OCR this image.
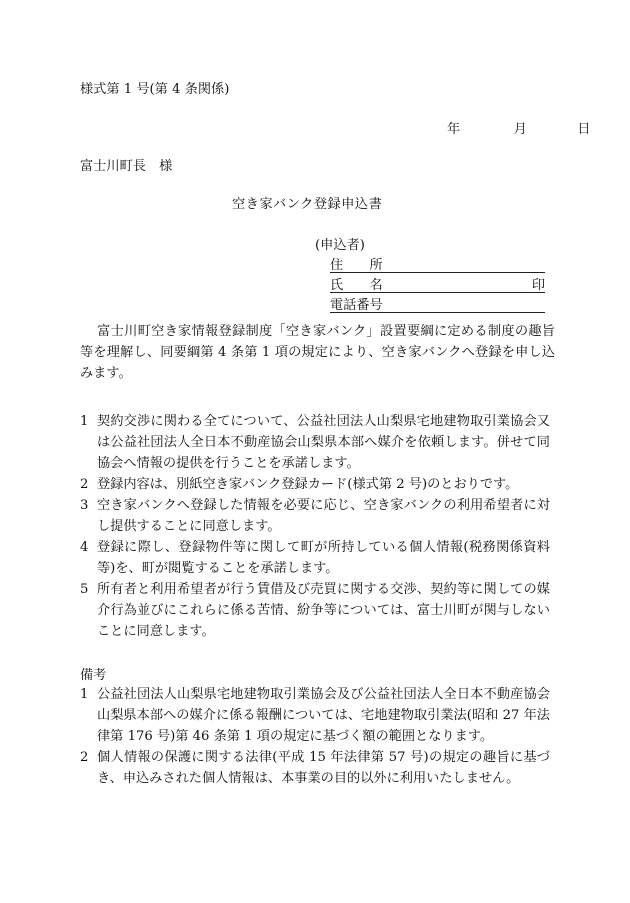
様式第 1 号(第 4 条関係)
年	月	日
富士川町長　様
空き家バンク登録申込書
(申込者)
住　　所
氏　　名	印
電話番号
富士川町空き家情報登録制度「空き家バンク」設置要綱に定める制度の趣旨等を理解し、同要綱第 4 条第 1 項の規定により、空き家バンクへ登録を申し込みます。
1 契約交渉に関わる全てについて、公益社団法人山梨県宅地建物取引業協会又は公益社団法人全日本不動産協会山梨県本部へ媒介を依頼します。併せて同協会へ情報の提供を行うことを承諾します。
2 登録内容は、別紙空き家バンク登録カード(様式第 2 号)のとおりです。
3 空き家バンクへ登録した情報を必要に応じ、空き家バンクの利用希望者に対し提供することに同意します。
4 登録に際し、登録物件等に関して町が所持している個人情報(税務関係資料等)を、町が閲覧することを承諾します。
5 所有者と利用希望者が行う賃借及び売買に関する交渉、契約等に関しての媒介行為並びにこれらに係る苦情、紛争等については、富士川町が関与しないことに同意します。
備考
1 公益社団法人山梨県宅地建物取引業協会及び公益社団法人全日本不動産協会山梨県本部への媒介に係る報酬については、宅地建物取引業法(昭和 27 年法律第 176 号)第 46 条第 1 項の規定に基づく額の範囲となります。
2 個人情報の保護に関する法律(平成 15 年法律第 57 号)の規定の趣旨に基づき、申込みされた個人情報は、本事業の目的以外に利用いたしません。
